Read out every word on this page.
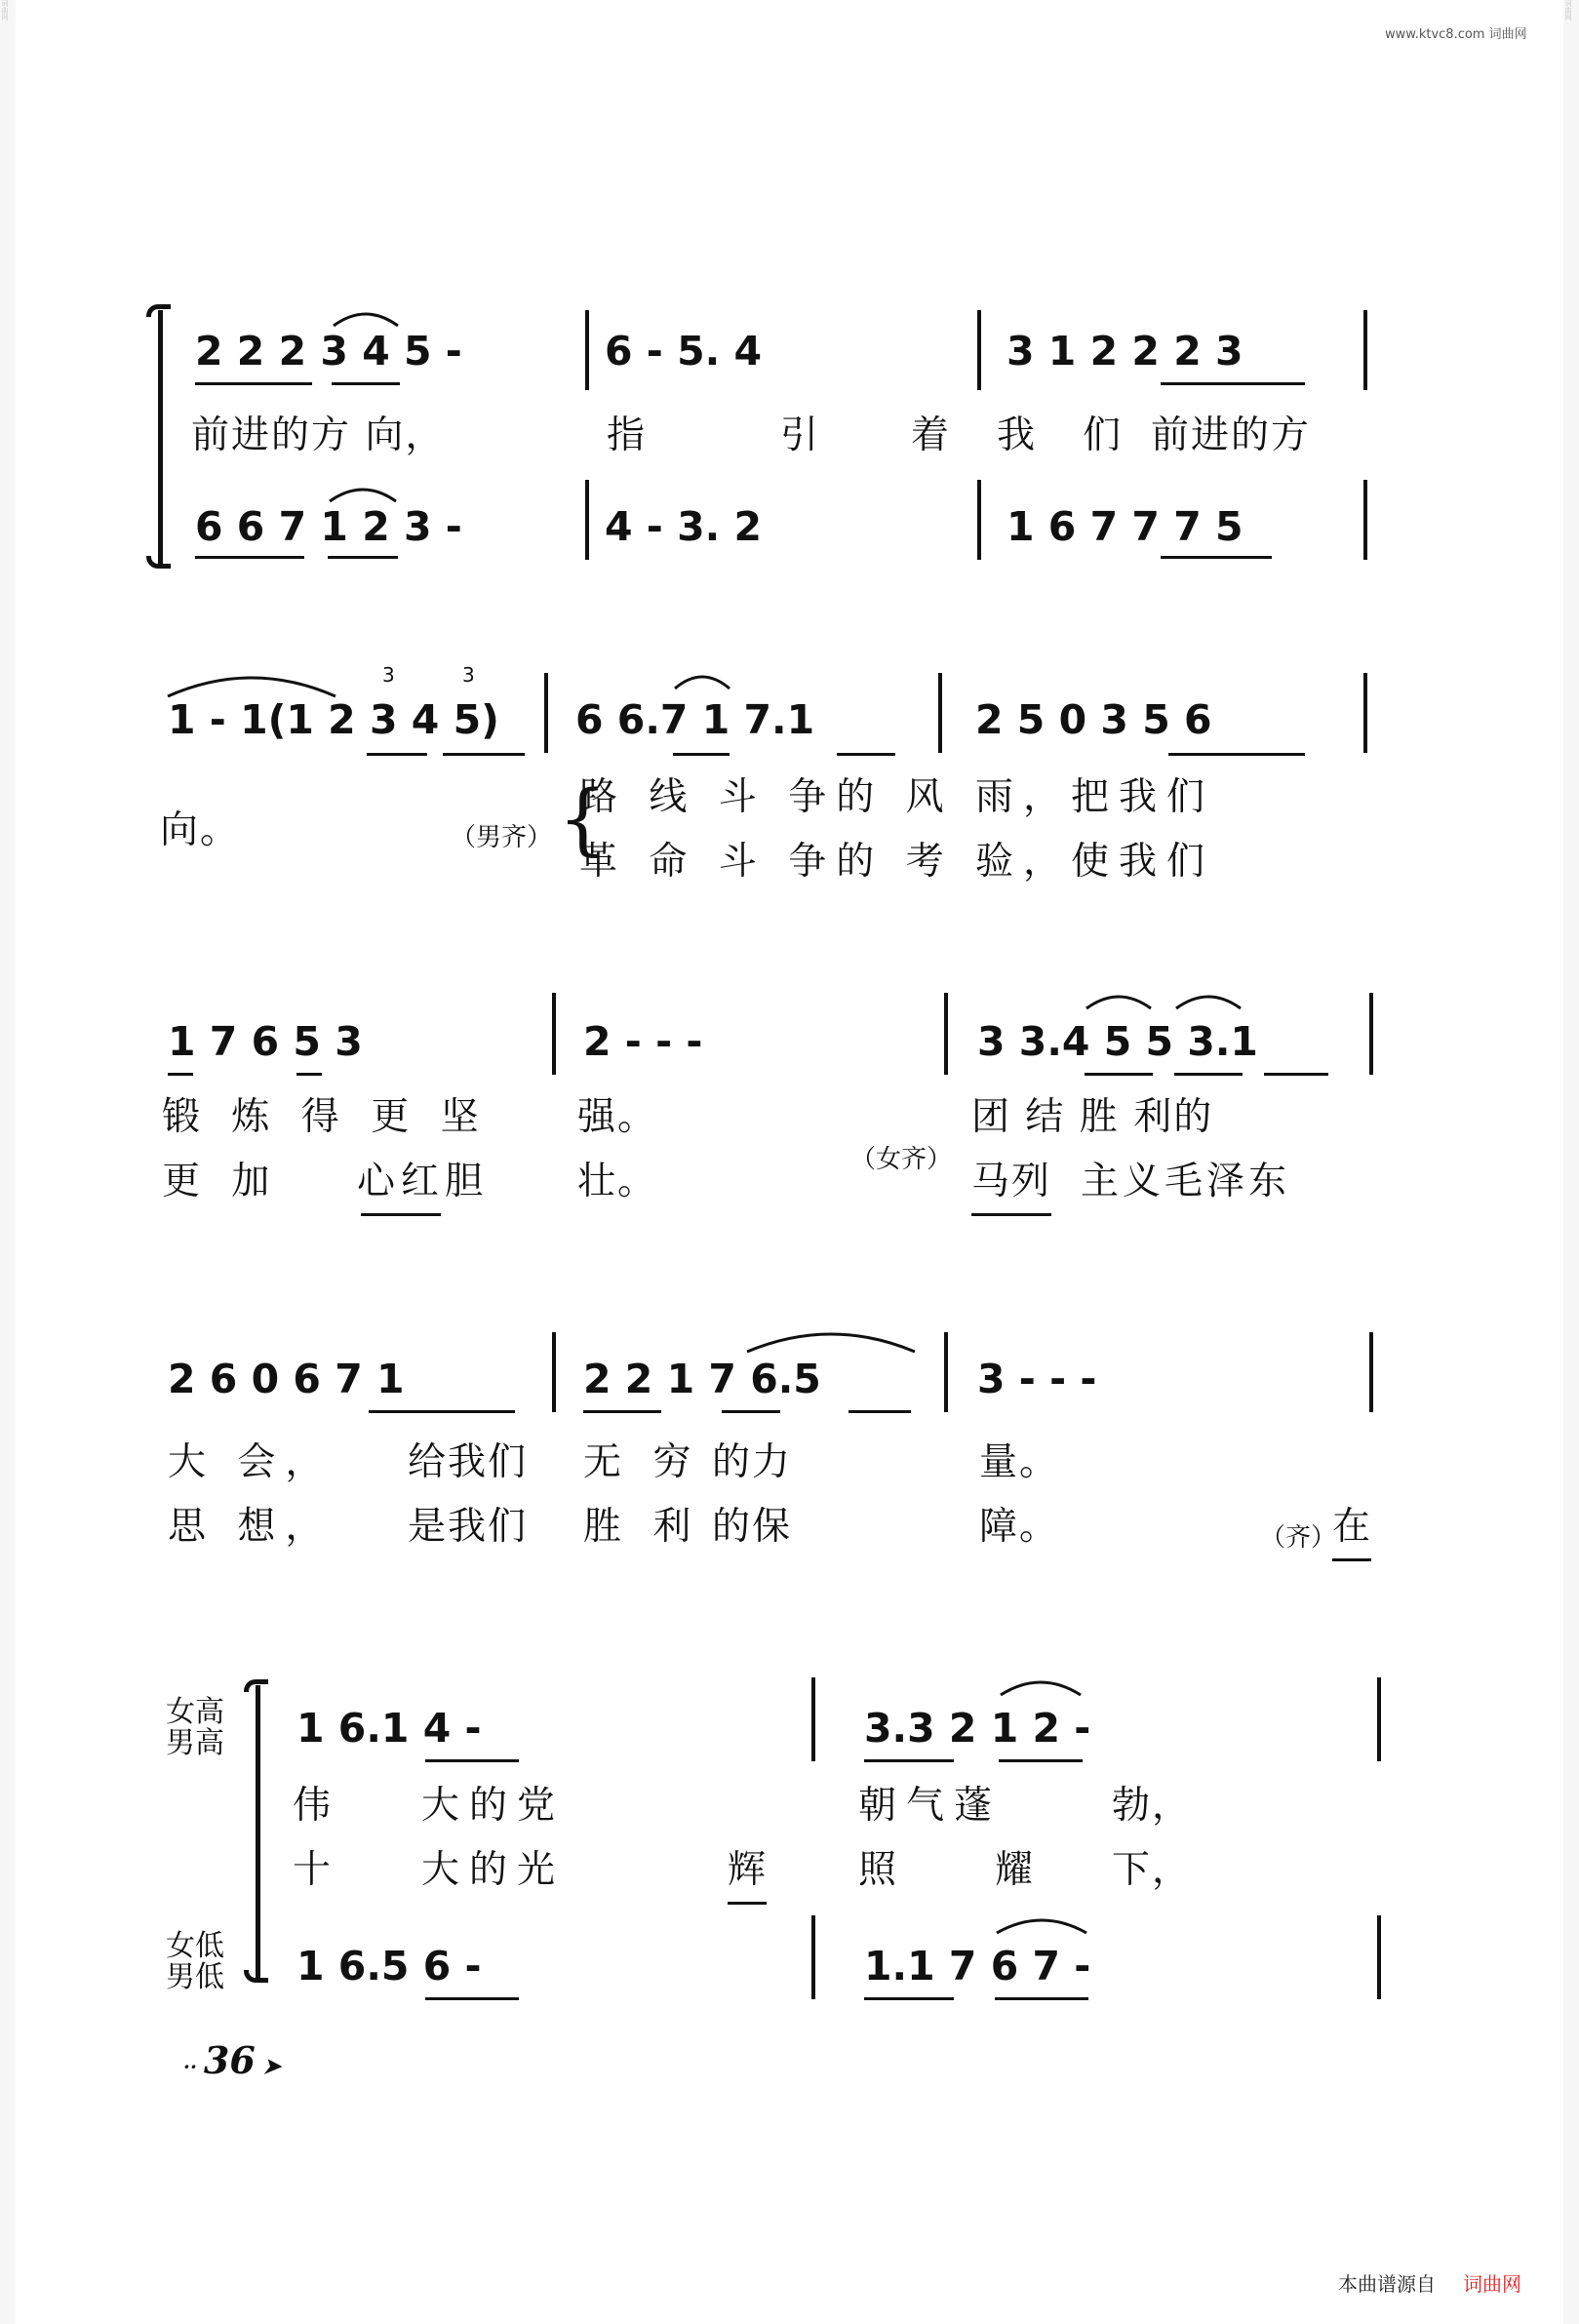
词曲网	词曲网
www.ktvc8.com 词曲网
2 2 2 3 4 5 -	6 - 5. 4	3 1 2 2 2 3
前进的方 向，	指	引 着 我 们 前进的方
6 6 7 1 2 3 -	4 - 3. 2	1 6 7 7 7 5
1 - 1(1 2 3 4 5)
3	3
6 6.7 1 7.1	2 5 0 3 5 6
向。	（男齐） {
路 线 斗 争的 风 雨，把我们
革 命 斗 争的 考 验，使我们
1 7 6 5 3	2 - - -	3 3.4 5 5 3.1
锻 炼 得 更 坚 强。	团 结 胜 利的
更 加 心红胆 壮。	（女齐） 马列 主义毛泽东
2 6 0 6 7 1	2 2 1 7 6.5	3 - - -
大 会， 给我们 无 穷 的力	量。
思 想， 是我们 胜 利 的保	障。	（齐）
在
女高
男高
女低
男低
1 6.1 4 -	3.3 2 1 2 -
伟 大的党	朝气蓬	勃，
十 大的光	辉 照	耀 下，
1 6.5 6 -	1.1 7 6 7 -
·· 36 ➤
本曲谱源自 词曲网
